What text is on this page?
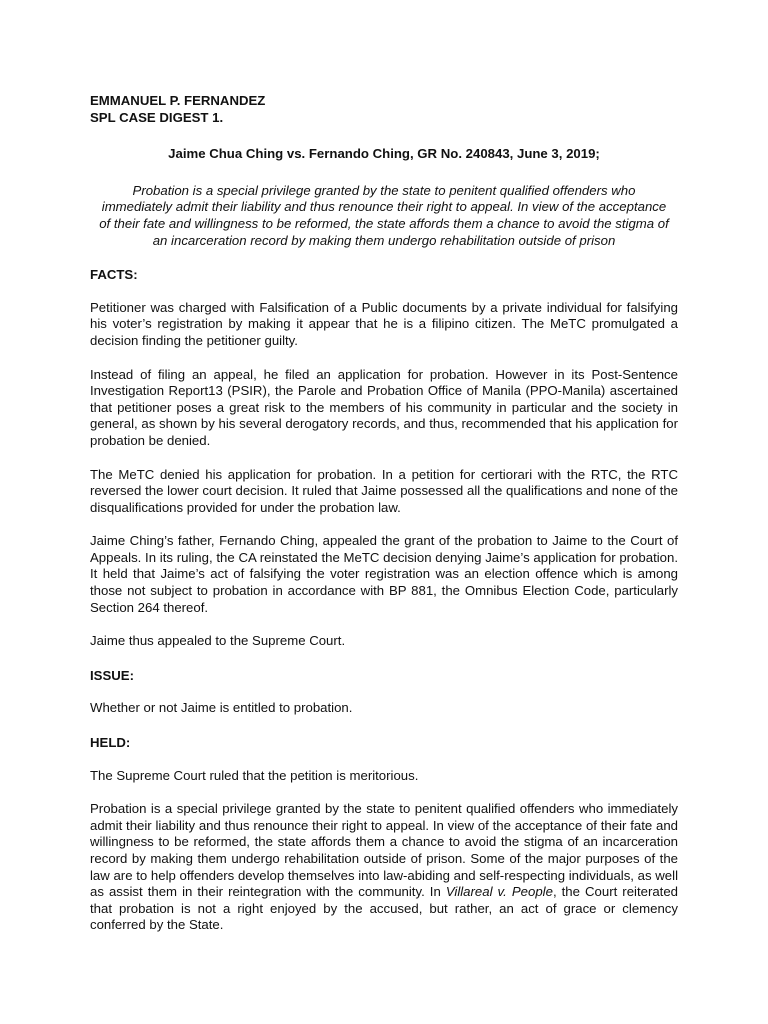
EMMANUEL P. FERNANDEZ

SPL CASE DIGEST 1.

Jaime Chua Ching vs. Fernando Ching, GR No. 240843, June 3, 2019;

Probation is a special privilege granted by the state to penitent qualified offenders who immediately admit their liability and thus renounce their right to appeal. In view of the acceptance of their fate and willingness to be reformed, the state affords them a chance to avoid the stigma of an incarceration record by making them undergo rehabilitation outside of prison

FACTS:

Petitioner was charged with Falsification of a Public documents by a private individual for falsifying his voter’s registration by making it appear that he is a filipino citizen. The MeTC promulgated a decision finding the petitioner guilty.

Instead of filing an appeal, he filed an application for probation. However in its Post-Sentence Investigation Report13 (PSIR), the Parole and Probation Office of Manila (PPO-Manila) ascertained that petitioner poses a great risk to the members of his community in particular and the society in general, as shown by his several derogatory records, and thus, recommended that his application for probation be denied.

The MeTC denied his application for probation. In a petition for certiorari with the RTC, the RTC reversed the lower court decision. It ruled that Jaime possessed all the qualifications and none of the disqualifications provided for under the probation law.

Jaime Ching’s father, Fernando Ching, appealed the grant of the probation to Jaime to the Court of Appeals. In its ruling, the CA reinstated the MeTC decision denying Jaime’s application for probation. It held that Jaime’s act of falsifying the voter registration was an election offence which is among those not subject to probation in accordance with BP 881, the Omnibus Election Code, particularly Section 264 thereof.

Jaime thus appealed to the Supreme Court.

ISSUE:

Whether or not Jaime is entitled to probation.

HELD:

The Supreme Court ruled that the petition is meritorious.

Probation is a special privilege granted by the state to penitent qualified offenders who immediately admit their liability and thus renounce their right to appeal. In view of the acceptance of their fate and willingness to be reformed, the state affords them a chance to avoid the stigma of an incarceration record by making them undergo rehabilitation outside of prison. Some of the major purposes of the law are to help offenders develop themselves into law-abiding and self-respecting individuals, as well as assist them in their reintegration with the community. In Villareal v. People, the Court reiterated that probation is not a right enjoyed by the accused, but rather, an act of grace or clemency conferred by the State.
